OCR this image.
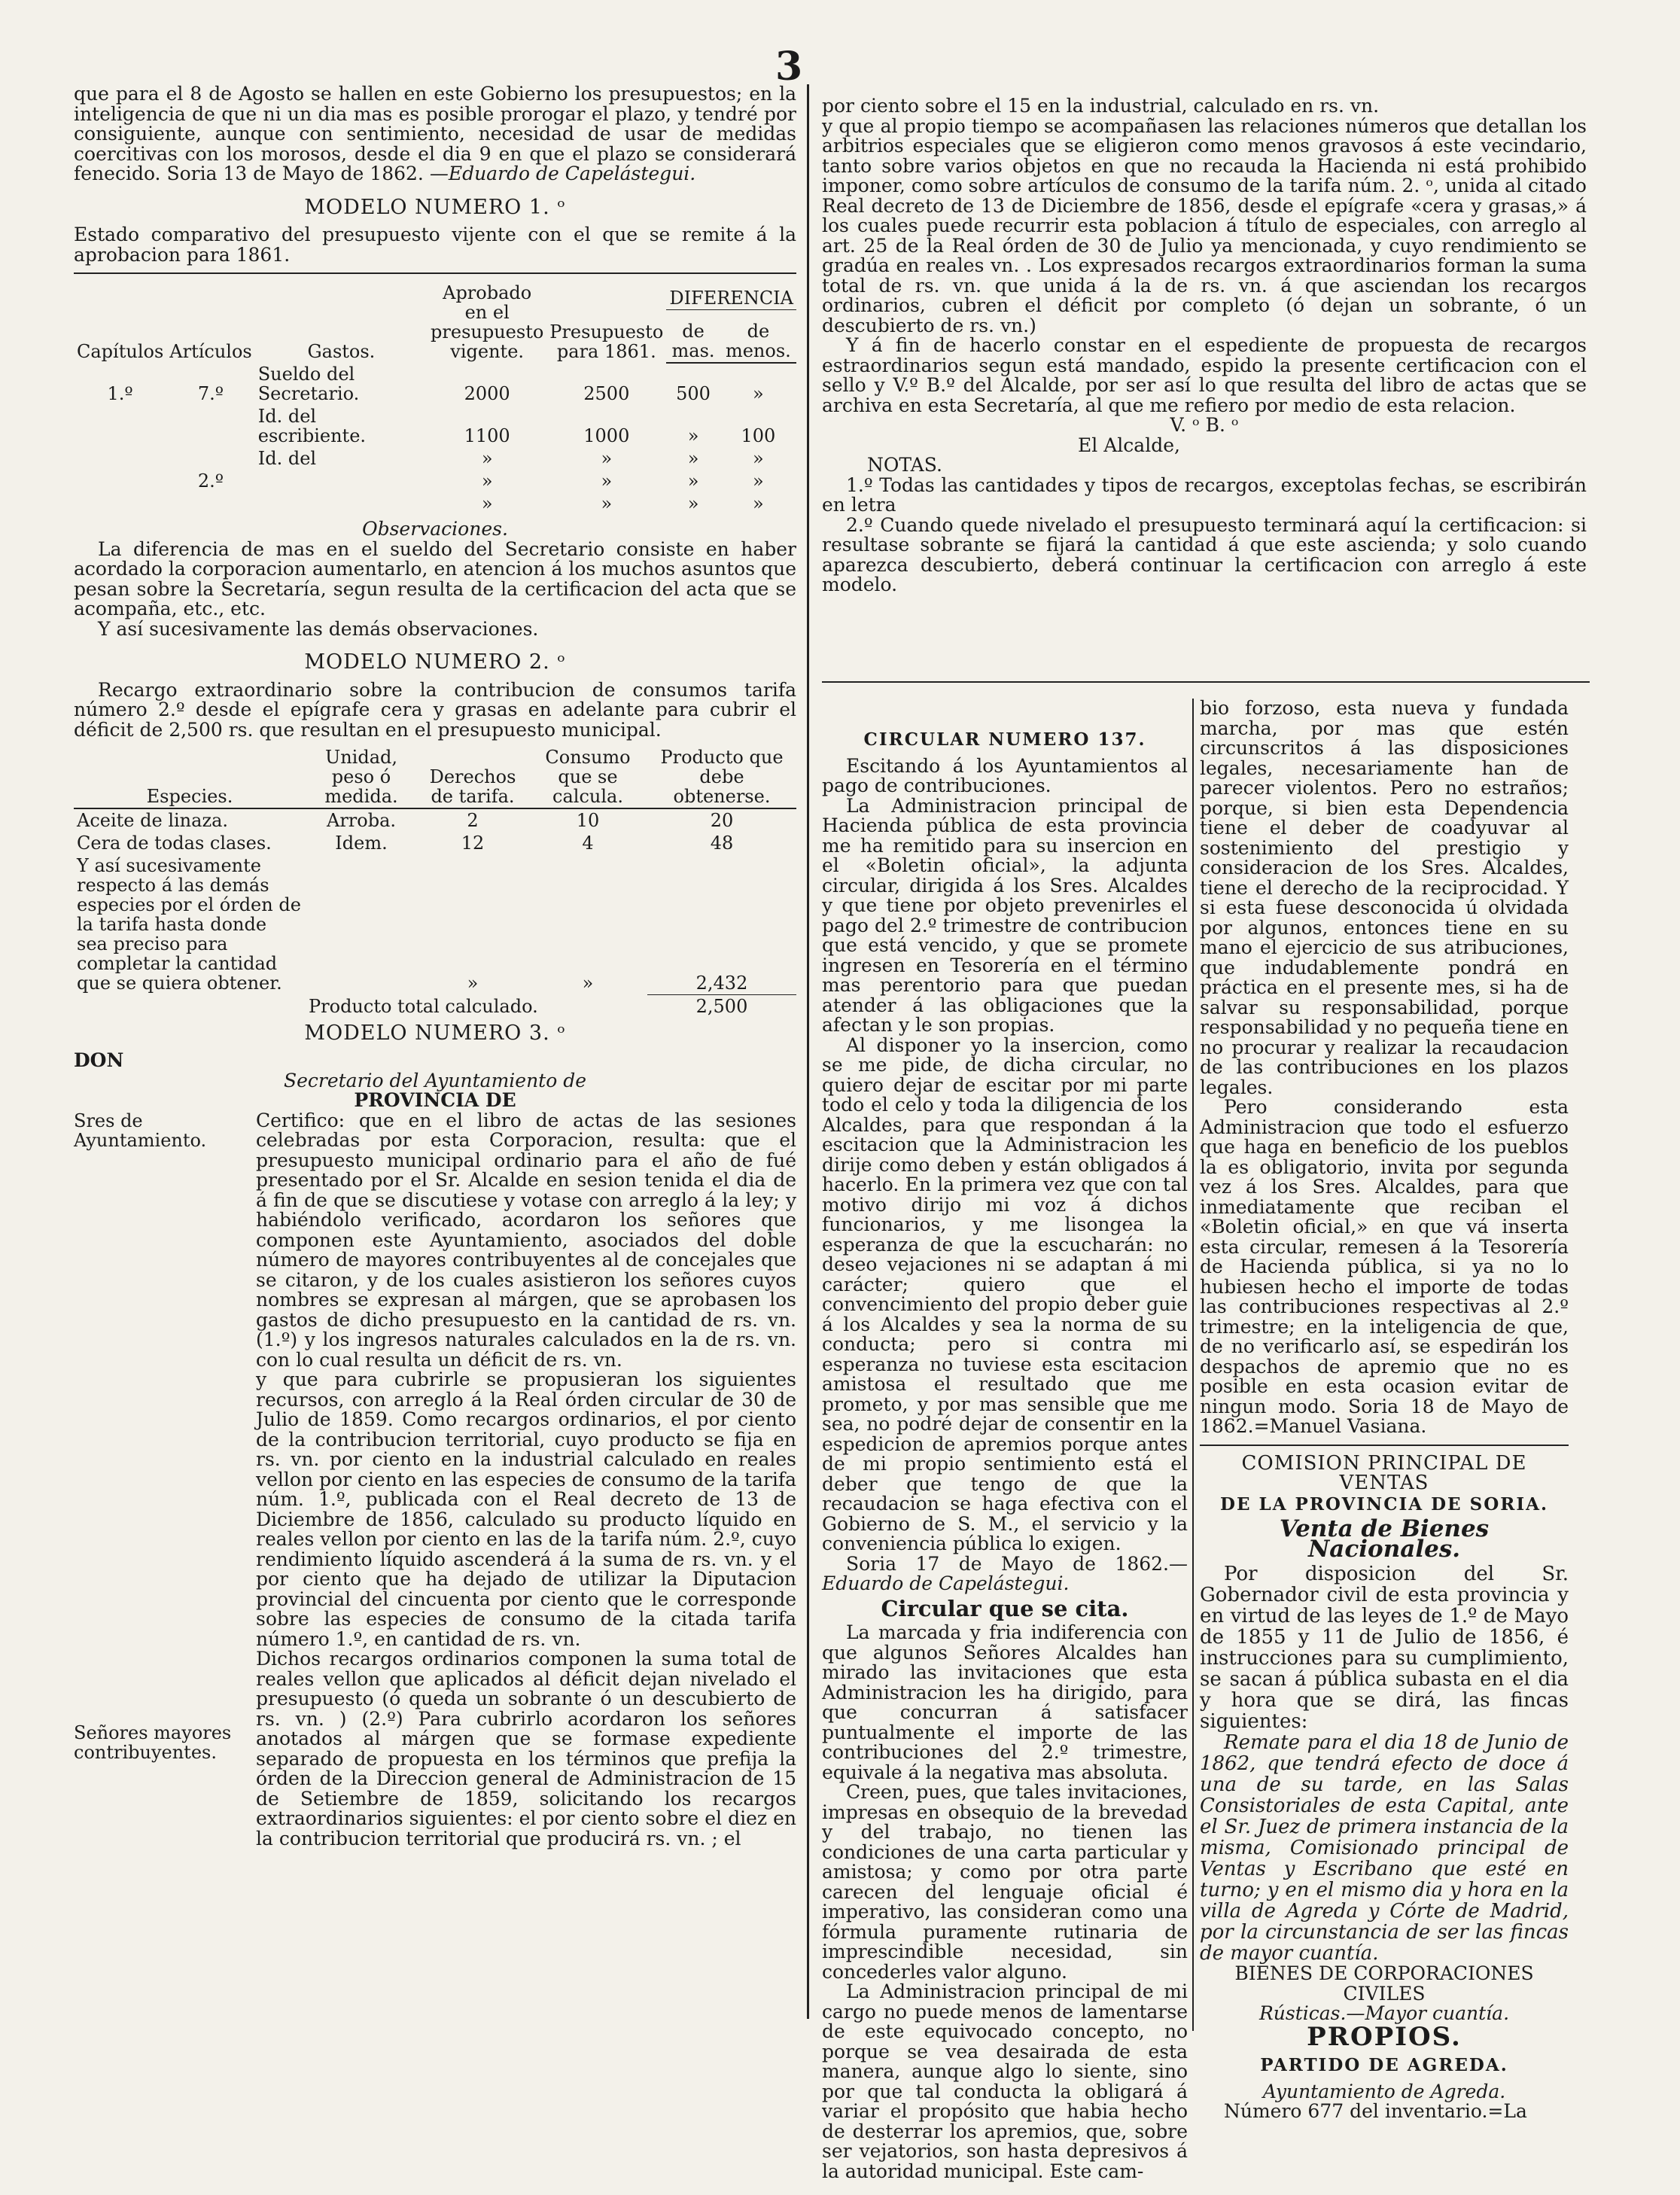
3

que para el 8 de Agosto se hallen en este Gobierno los presupuestos; en la inteligencia de que ni un dia mas es posible prorogar el plazo, y tendré por consiguiente, aunque con sentimiento, necesidad de usar de medidas coercitivas con los morosos, desde el dia 9 en que el plazo se considerará fenecido. Soria 13 de Mayo de 1862. —Eduardo de Capelástegui.

MODELO NUMERO 1. ᵒ

Estado comparativo del presupuesto vijente con el que se remite á la aprobacion para 1861.

Capítulos	Artículos	Gastos.	Aprobado en el presupuesto vigente.	Presupuesto para 1861.	DIFERENCIA	
					de mas.	de menos.
1.º	7.º	Sueldo del Secretario.	2000	2500	500	»
		Id. del escribiente.	1100	1000	»	100
		Id. del	»	»	»	»
	2.º		»	»	»	»
			»	»	»	»
Observaciones.

La diferencia de mas en el sueldo del Secretario consiste en haber acordado la corporacion aumentarlo, en atencion á los muchos asuntos que pesan sobre la Secretaría, segun resulta de la certificacion del acta que se acompaña, etc., etc.

Y así sucesivamente las demás observaciones.

MODELO NUMERO 2. ᵒ

Recargo extraordinario sobre la contribucion de consumos tarifa número 2.º desde el epígrafe cera y grasas en adelante para cubrir el déficit de 2,500 rs. que resultan en el presupuesto municipal.

Especies.	Unidad, peso ó medida.	Derechos de tarifa.	Consumo que se calcula.	Producto que debe obtenerse.
Aceite de linaza.	Arroba.	2	10	20
Cera de todas clases.	Idem.	12	4	48
Y así sucesivamente respecto á las demás especies por el órden de la tarifa hasta donde sea preciso para completar la cantidad que se quiera obtener.		»	»	2,432
	Producto total calculado.			2,500
MODELO NUMERO 3. ᵒ
DON
Secretario del Ayuntamiento de
PROVINCIA DE
Sres de Ayuntamiento.
Señores mayores contribuyentes.

Certifico: que en el libro de actas de las sesiones celebradas por esta Corporacion, resulta: que el presupuesto municipal ordinario para el año de fué presentado por el Sr. Alcalde en sesion tenida el dia de á fin de que se discutiese y votase con arreglo á la ley; y habiéndolo verificado, acordaron los señores que componen este Ayuntamiento, asociados del doble número de mayores contribuyentes al de concejales que se citaron, y de los cuales asistieron los señores cuyos nombres se expresan al márgen, que se aprobasen los gastos de dicho presupuesto en la cantidad de rs. vn. (1.º) y los ingresos naturales calculados en la de rs. vn. con lo cual resulta un déficit de rs. vn.

y que para cubrirle se propusieran los siguientes recursos, con arreglo á la Real órden circular de 30 de Julio de 1859. Como recargos ordinarios, el por ciento de la contribucion territorial, cuyo producto se fija en rs. vn. por ciento en la industrial calculado en reales vellon por ciento en las especies de consumo de la tarifa núm. 1.º, publicada con el Real decreto de 13 de Diciembre de 1856, calculado su producto líquido en reales vellon por ciento en las de la tarifa núm. 2.º, cuyo rendimiento líquido ascenderá á la suma de rs. vn. y el por ciento que ha dejado de utilizar la Diputacion provincial del cincuenta por ciento que le corresponde sobre las especies de consumo de la citada tarifa número 1.º, en cantidad de rs. vn.

Dichos recargos ordinarios componen la suma total de reales vellon que aplicados al déficit dejan nivelado el presupuesto (ó queda un sobrante ó un descubierto de rs. vn. ) (2.º) Para cubrirlo acordaron los señores anotados al márgen que se formase expediente separado de propuesta en los términos que prefija la órden de la Direccion general de Administracion de 15 de Setiembre de 1859, solicitando los recargos extraordinarios siguientes: el por ciento sobre el diez en la contribucion territorial que producirá rs. vn. ; el

por ciento sobre el 15 en la industrial, calculado en rs. vn.

y que al propio tiempo se acompañasen las relaciones números que detallan los arbitrios especiales que se eligieron como menos gravosos á este vecindario, tanto sobre varios objetos en que no recauda la Hacienda ni está prohibido imponer, como sobre artículos de consumo de la tarifa núm. 2. ᵒ, unida al citado Real decreto de 13 de Diciembre de 1856, desde el epígrafe «cera y grasas,» á los cuales puede recurrir esta poblacion á título de especiales, con arreglo al art. 25 de la Real órden de 30 de Julio ya mencionada, y cuyo rendimiento se gradúa en reales vn. . Los expresados recargos extraordinarios forman la suma total de rs. vn. que unida á la de rs. vn. á que asciendan los recargos ordinarios, cubren el déficit por completo (ó dejan un sobrante, ó un descubierto de rs. vn.)

Y á fin de hacerlo constar en el espediente de propuesta de recargos estraordinarios segun está mandado, espido la presente certificacion con el sello y V.º B.º del Alcalde, por ser así lo que resulta del libro de actas que se archiva en esta Secretaría, al que me refiero por medio de esta relacion.

V. ᵒ B. ᵒ
El Alcalde,
NOTAS.

1.º Todas las cantidades y tipos de recargos, exceptolas fechas, se escribirán en letra

2.º Cuando quede nivelado el presupuesto terminará aquí la certificacion: si resultase sobrante se fijará la cantidad á que este ascienda; y solo cuando aparezca descubierto, deberá continuar la certificacion con arreglo á este modelo.

CIRCULAR NUMERO 137.

Escitando á los Ayuntamientos al pago de contribuciones.

La Administracion principal de Hacienda pública de esta provincia me ha remitido para su insercion en el «Boletin oficial», la adjunta circular, dirigida á los Sres. Alcaldes y que tiene por objeto prevenirles el pago del 2.º trimestre de contribucion que está vencido, y que se promete ingresen en Tesorería en el término mas perentorio para que puedan atender á las obligaciones que la afectan y le son propias.

Al disponer yo la insercion, como se me pide, de dicha circular, no quiero dejar de escitar por mi parte todo el celo y toda la diligencia de los Alcaldes, para que respondan á la escitacion que la Administracion les dirije como deben y están obligados á hacerlo. En la primera vez que con tal motivo dirijo mi voz á dichos funcionarios, y me lisongea la esperanza de que la escucharán: no deseo vejaciones ni se adaptan á mi carácter; quiero que el convencimiento del propio deber guie á los Alcaldes y sea la norma de su conducta; pero si contra mi esperanza no tuviese esta escitacion amistosa el resultado que me prometo, y por mas sensible que me sea, no podré dejar de consentir en la espedicion de apremios porque antes de mi propio sentimiento está el deber que tengo de que la recaudacion se haga efectiva con el Gobierno de S. M., el servicio y la conveniencia pública lo exigen.

Soria 17 de Mayo de 1862.—Eduardo de Capelástegui.

Circular que se cita.

La marcada y fria indiferencia con que algunos Señores Alcaldes han mirado las invitaciones que esta Administracion les ha dirigido, para que concurran á satisfacer puntualmente el importe de las contribuciones del 2.º trimestre, equivale á la negativa mas absoluta.

Creen, pues, que tales invitaciones, impresas en obsequio de la brevedad y del trabajo, no tienen las condiciones de una carta particular y amistosa; y como por otra parte carecen del lenguaje oficial é imperativo, las consideran como una fórmula puramente rutinaria de imprescindible necesidad, sin concederles valor alguno.

La Administracion principal de mi cargo no puede menos de lamentarse de este equivocado concepto, no porque se vea desairada de esta manera, aunque algo lo siente, sino por que tal conducta la obligará á variar el propósito que habia hecho de desterrar los apremios, que, sobre ser vejatorios, son hasta depresivos á la autoridad municipal. Este cam-

bio forzoso, esta nueva y fundada marcha, por mas que estén circunscritos á las disposiciones legales, necesariamente han de parecer violentos. Pero no estraños; porque, si bien esta Dependencia tiene el deber de coadyuvar al sostenimiento del prestigio y consideracion de los Sres. Alcaldes, tiene el derecho de la reciprocidad. Y si esta fuese desconocida ú olvidada por algunos, entonces tiene en su mano el ejercicio de sus atribuciones, que indudablemente pondrá en práctica en el presente mes, si ha de salvar su responsabilidad, porque responsabilidad y no pequeña tiene en no procurar y realizar la recaudacion de las contribuciones en los plazos legales.

Pero considerando esta Administracion que todo el esfuerzo que haga en beneficio de los pueblos la es obligatorio, invita por segunda vez á los Sres. Alcaldes, para que inmediatamente que reciban el «Boletin oficial,» en que vá inserta esta circular, remesen á la Tesorería de Hacienda pública, si ya no lo hubiesen hecho el importe de todas las contribuciones respectivas al 2.º trimestre; en la inteligencia de que, de no verificarlo así, se espedirán los despachos de apremio que no es posible en esta ocasion evitar de ningun modo. Soria 18 de Mayo de 1862.=Manuel Vasiana.

COMISION PRINCIPAL DE VENTAS
DE LA PROVINCIA DE SORIA.
Venta de Bienes Nacionales.

Por disposicion del Sr. Gobernador civil de esta provincia y en virtud de las leyes de 1.º de Mayo de 1855 y 11 de Julio de 1856, é instrucciones para su cumplimiento, se sacan á pública subasta en el dia y hora que se dirá, las fincas siguientes:

Remate para el dia 18 de Junio de 1862, que tendrá efecto de doce á una de su tarde, en las Salas Consistoriales de esta Capital, ante el Sr. Juez de primera instancia de la misma, Comisionado principal de Ventas y Escribano que esté en turno; y en el mismo dia y hora en la villa de Agreda y Córte de Madrid, por la circunstancia de ser las fincas de mayor cuantía.

BIENES DE CORPORACIONES CIVILES
Rústicas.—Mayor cuantía.
PROPIOS.
PARTIDO DE AGREDA.
Ayuntamiento de Agreda.

Número 677 del inventario.=La
